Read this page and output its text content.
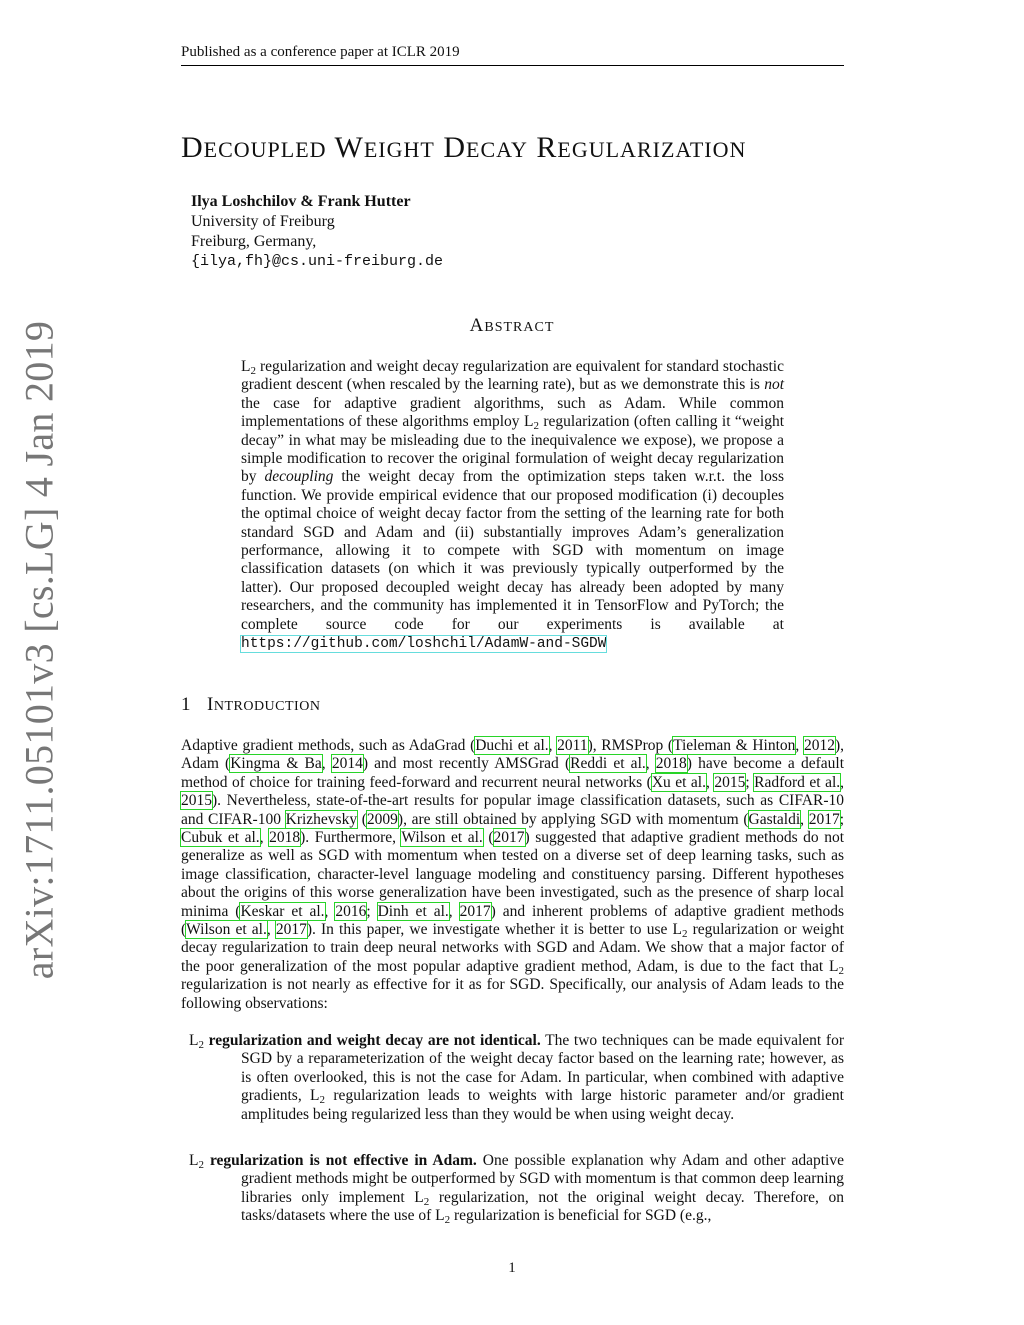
Published as a conference paper at ICLR 2019
arXiv:1711.05101v3 [cs.LG] 4 Jan 2019
DECOUPLED WEIGHT DECAY REGULARIZATION
Ilya Loshchilov & Frank Hutter
University of Freiburg
Freiburg, Germany,
{ilya,fh}@cs.uni-freiburg.de
ABSTRACT
$L_2$ regularization and weight decay regularization are equivalent for standard stochastic gradient descent (when rescaled by the learning rate), but as we demonstrate this is not the case for adaptive gradient algorithms, such as Adam. While common implementations of these algorithms employ $L_2$ regularization (often calling it “weight decay” in what may be misleading due to the inequivalence we expose), we propose a simple modification to recover the original formulation of weight decay regularization by decoupling the weight decay from the optimization steps taken w.r.t. the loss function. We provide empirical evidence that our proposed modification (i) decouples the optimal choice of weight decay factor from the setting of the learning rate for both standard SGD and Adam and (ii) substantially improves Adam’s generalization performance, allowing it to compete with SGD with momentum on image classification datasets (on which it was previously typically outperformed by the latter). Our proposed decoupled weight decay has already been adopted by many researchers, and the community has implemented it in TensorFlow and PyTorch; the complete source code for our experiments is available at https://github.com/loshchil/AdamW-and-SGDW
1 INTRODUCTION
Adaptive gradient methods, such as AdaGrad (Duchi et al., 2011), RMSProp (Tieleman & Hinton, 2012), Adam (Kingma & Ba, 2014) and most recently AMSGrad (Reddi et al., 2018) have become a default method of choice for training feed-forward and recurrent neural networks (Xu et al., 2015; Radford et al., 2015). Nevertheless, state-of-the-art results for popular image classification datasets, such as CIFAR-10 and CIFAR-100 Krizhevsky (2009), are still obtained by applying SGD with momentum (Gastaldi, 2017; Cubuk et al., 2018). Furthermore, Wilson et al. (2017) suggested that adaptive gradient methods do not generalize as well as SGD with momentum when tested on a diverse set of deep learning tasks, such as image classification, character-level language modeling and constituency parsing. Different hypotheses about the origins of this worse generalization have been investigated, such as the presence of sharp local minima (Keskar et al., 2016; Dinh et al., 2017) and inherent problems of adaptive gradient methods (Wilson et al., 2017). In this paper, we investigate whether it is better to use $L_2$ regularization or weight decay regularization to train deep neural networks with SGD and Adam. We show that a major factor of the poor generalization of the most popular adaptive gradient method, Adam, is due to the fact that $L_2$ regularization is not nearly as effective for it as for SGD. Specifically, our analysis of Adam leads to the following observations:
$L_2$ regularization and weight decay are not identical. The two techniques can be made equivalent for SGD by a reparameterization of the weight decay factor based on the learning rate; however, as is often overlooked, this is not the case for Adam. In particular, when combined with adaptive gradients, $L_2$ regularization leads to weights with large historic parameter and/or gradient amplitudes being regularized less than they would be when using weight decay.
$L_2$ regularization is not effective in Adam. One possible explanation why Adam and other adaptive gradient methods might be outperformed by SGD with momentum is that common deep learning libraries only implement $L_2$ regularization, not the original weight decay. Therefore, on tasks/datasets where the use of $L_2$ regularization is beneficial for SGD (e.g.,
1
